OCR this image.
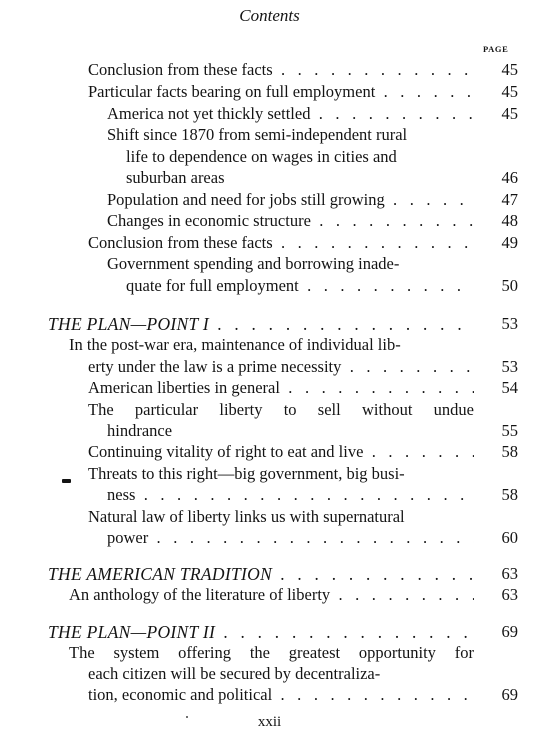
Contents
PAGE
Conclusion from these facts . . .	45
Particular facts bearing on full employment . . .	45
America not yet thickly settled . . .	45
Shift since 1870 from semi-independent rural
life to dependence on wages in cities and
suburban areas	46
Population and need for jobs still growing . . .	47
Changes in economic structure . . .	48
Conclusion from these facts . . .	49
Government spending and borrowing inade-
quate for full employment . . .	50
THE PLAN—POINT I . . .	53
In the post-war era, maintenance of individual lib-
erty under the law is a prime necessity . . .	53
American liberties in general . . .	54
The particular liberty to sell without undue
hindrance	55
Continuing vitality of right to eat and live . . .	58
Threats to this right—big government, big busi-
ness . . .	58
Natural law of liberty links us with supernatural
power . . .	60
THE AMERICAN TRADITION . . .	63
An anthology of the literature of liberty . . .	63
THE PLAN—POINT II . . .	69
The system offering the greatest opportunity for
each citizen will be secured by decentraliza-
tion, economic and political . . .	69
xxii
